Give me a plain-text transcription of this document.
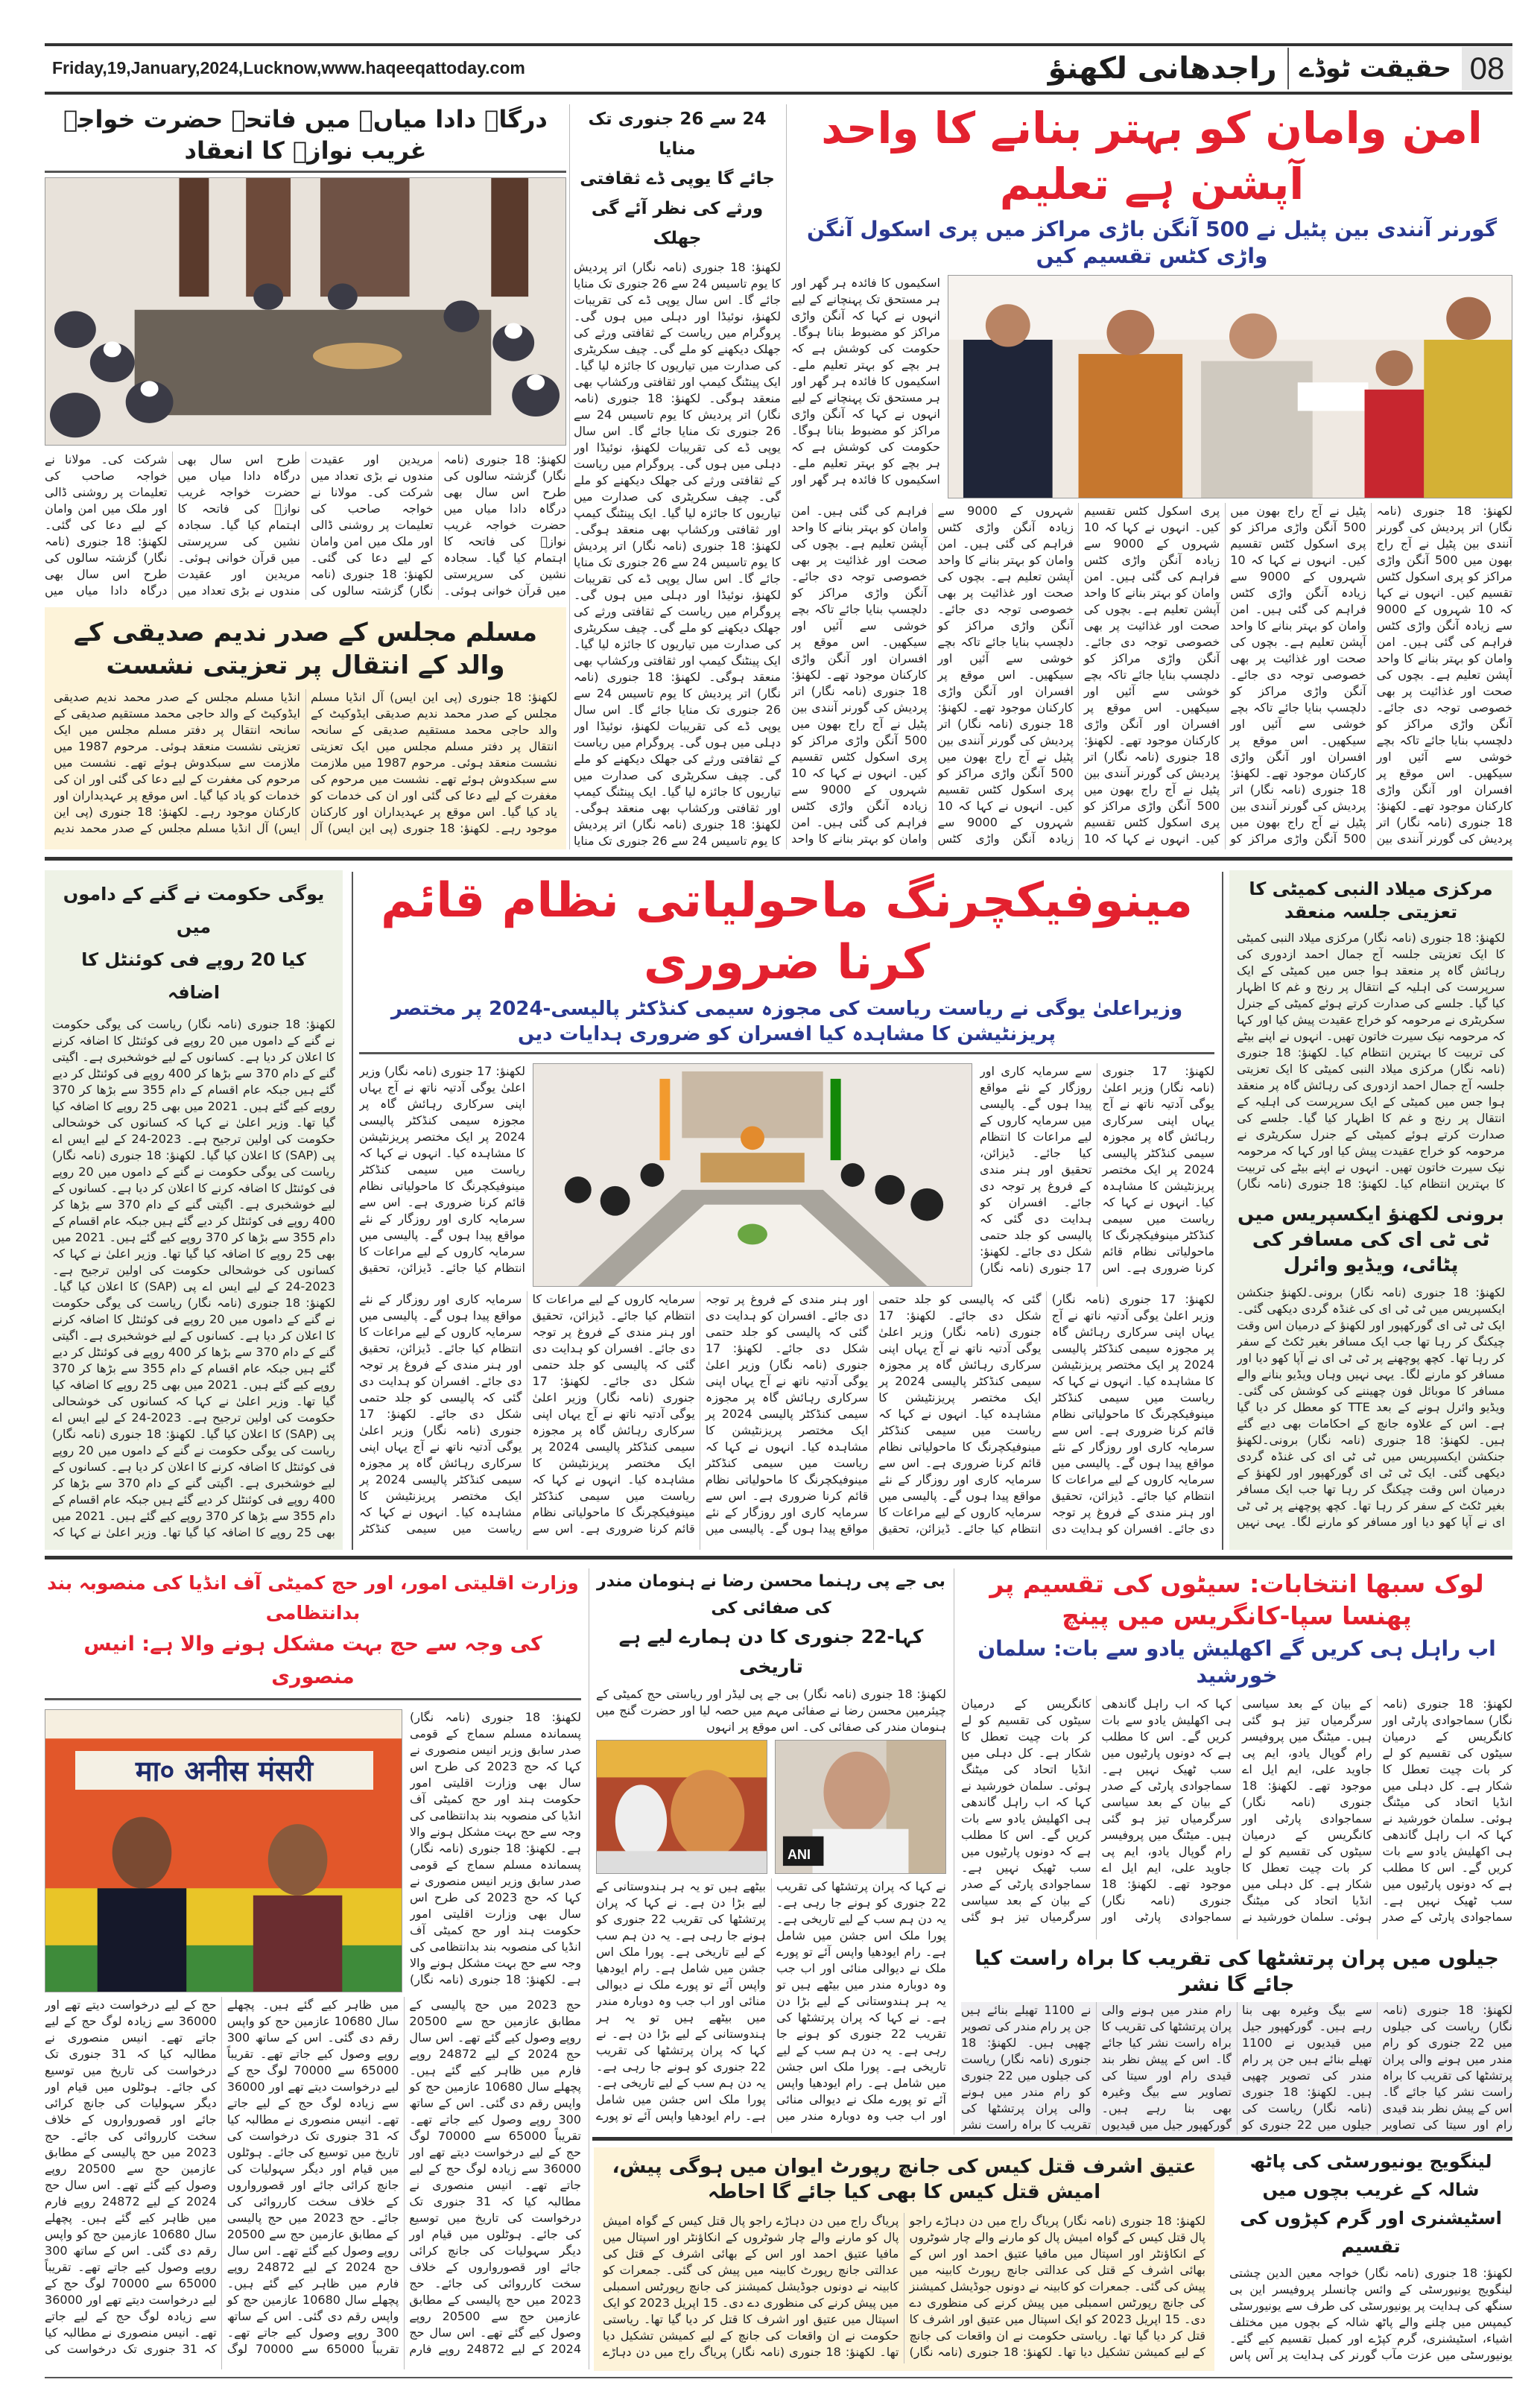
Friday,19,January,2024,Lucknow,www.haqeeqattoday.com	راجدھانی لکھنؤ حقیقت ٹوڈے 08
امن وامان کو بہتر بنانے کا واحد آپشن ہے تعلیم
گورنر آنندی بین پٹیل نے 500 آنگن باڑی مراکز میں پری اسکول آنگن واڑی کٹس تقسیم کیں
اسکیموں کا فائدہ ہر گھر اور ہر مستحق تک پہنچانے کے لیے انہوں نے کہا کہ آنگن واڑی مراکز کو مضبوط بنانا ہوگا۔ حکومت کی کوشش ہے کہ ہر بچے کو بہتر تعلیم ملے۔ اسکیموں کا فائدہ ہر گھر اور ہر مستحق تک پہنچانے کے لیے انہوں نے کہا کہ آنگن واڑی مراکز کو مضبوط بنانا ہوگا۔ حکومت کی کوشش ہے کہ ہر بچے کو بہتر تعلیم ملے۔ اسکیموں کا فائدہ ہر گھر اور
لکھنؤ: 18 جنوری (نامہ نگار) اتر پردیش کی گورنر آنندی بین پٹیل نے آج راج بھون میں 500 آنگن واڑی مراکز کو پری اسکول کٹس تقسیم کیں۔ انہوں نے کہا کہ 10 شہروں کے 9000 سے زیادہ آنگن واڑی کٹس فراہم کی گئی ہیں۔ امن وامان کو بہتر بنانے کا واحد آپشن تعلیم ہے۔ بچوں کی صحت اور غذائیت پر بھی خصوصی توجہ دی جائے۔ آنگن واڑی مراکز کو دلچسپ بنایا جائے تاکہ بچے خوشی سے آئیں اور سیکھیں۔ اس موقع پر افسران اور آنگن واڑی کارکنان موجود تھے۔ لکھنؤ: 18 جنوری (نامہ نگار) اتر پردیش کی گورنر آنندی بین پٹیل نے آج راج بھون میں 500 آنگن واڑی مراکز کو پری اسکول کٹس تقسیم کیں۔ انہوں نے کہا کہ 10 شہروں کے 9000 سے زیادہ آنگن واڑی کٹس فراہم کی گئی ہیں۔ امن وامان کو بہتر بنانے کا واحد آپشن تعلیم ہے۔ بچوں کی صحت اور غذائیت پر بھی خصوصی توجہ دی جائے۔ آنگن واڑی مراکز کو دلچسپ بنایا جائے تاکہ بچے خوشی سے آئیں اور سیکھیں۔ اس موقع پر افسران اور آنگن واڑی کارکنان موجود تھے۔ لکھنؤ: 18 جنوری (نامہ نگار) اتر پردیش کی گورنر آنندی بین پٹیل نے آج راج بھون میں 500 آنگن واڑی مراکز کو پری اسکول کٹس تقسیم کیں۔ انہوں نے کہا کہ 10 شہروں کے 9000 سے زیادہ آنگن واڑی کٹس فراہم کی گئی ہیں۔ امن وامان کو بہتر بنانے کا واحد آپشن تعلیم ہے۔ بچوں کی صحت اور غذائیت پر بھی خصوصی توجہ دی جائے۔ آنگن واڑی مراکز کو دلچسپ بنایا جائے تاکہ بچے خوشی سے آئیں اور سیکھیں۔ اس موقع پر افسران اور آنگن واڑی کارکنان موجود تھے۔ لکھنؤ: 18 جنوری (نامہ نگار) اتر پردیش کی گورنر آنندی بین پٹیل نے آج راج بھون میں 500 آنگن واڑی مراکز کو پری اسکول کٹس تقسیم کیں۔ انہوں نے کہا کہ 10 شہروں کے 9000 سے زیادہ آنگن واڑی کٹس فراہم کی گئی ہیں۔ امن وامان کو بہتر بنانے کا واحد آپشن تعلیم ہے۔ بچوں کی صحت اور غذائیت پر بھی خصوصی توجہ دی جائے۔ آنگن واڑی مراکز کو دلچسپ بنایا جائے تاکہ بچے خوشی سے آئیں اور سیکھیں۔ اس موقع پر افسران اور آنگن واڑی کارکنان موجود تھے۔ لکھنؤ: 18 جنوری (نامہ نگار) اتر پردیش کی گورنر آنندی بین پٹیل نے آج راج بھون میں 500 آنگن واڑی مراکز کو پری اسکول کٹس تقسیم کیں۔ انہوں نے کہا کہ 10 شہروں کے 9000 سے زیادہ آنگن واڑی کٹس فراہم کی گئی ہیں۔ امن وامان کو بہتر بنانے کا واحد آپشن تعلیم ہے۔ بچوں کی صحت اور غذائیت پر بھی خصوصی توجہ دی جائے۔ آنگن واڑی مراکز کو دلچسپ بنایا جائے تاکہ بچے خوشی سے آئیں اور سیکھیں۔ اس موقع پر افسران اور آنگن واڑی کارکنان موجود تھے۔ لکھنؤ: 18 جنوری (نامہ نگار) اتر پردیش کی گورنر آنندی بین پٹیل نے آج راج بھون میں 500 آنگن واڑی مراکز کو پری اسکول کٹس تقسیم کیں۔ انہوں نے کہا کہ 10 شہروں کے 9000 سے زیادہ آنگن واڑی کٹس فراہم کی گئی ہیں۔ امن وامان کو بہتر بنانے کا واحد
24 سے 26 جنوری تک منایا
جائے گا یوپی ڈے ثقافتی
ورثے کی نظر آئے گی جھلک
لکھنؤ: 18 جنوری (نامہ نگار) اتر پردیش کا یوم تاسیس 24 سے 26 جنوری تک منایا جائے گا۔ اس سال یوپی ڈے کی تقریبات لکھنؤ، نوئیڈا اور دہلی میں ہوں گی۔ پروگرام میں ریاست کے ثقافتی ورثے کی جھلک دیکھنے کو ملے گی۔ چیف سکریٹری کی صدارت میں تیاریوں کا جائزہ لیا گیا۔ ایک پینٹنگ کیمپ اور ثقافتی ورکشاپ بھی منعقد ہوگی۔ لکھنؤ: 18 جنوری (نامہ نگار) اتر پردیش کا یوم تاسیس 24 سے 26 جنوری تک منایا جائے گا۔ اس سال یوپی ڈے کی تقریبات لکھنؤ، نوئیڈا اور دہلی میں ہوں گی۔ پروگرام میں ریاست کے ثقافتی ورثے کی جھلک دیکھنے کو ملے گی۔ چیف سکریٹری کی صدارت میں تیاریوں کا جائزہ لیا گیا۔ ایک پینٹنگ کیمپ اور ثقافتی ورکشاپ بھی منعقد ہوگی۔ لکھنؤ: 18 جنوری (نامہ نگار) اتر پردیش کا یوم تاسیس 24 سے 26 جنوری تک منایا جائے گا۔ اس سال یوپی ڈے کی تقریبات لکھنؤ، نوئیڈا اور دہلی میں ہوں گی۔ پروگرام میں ریاست کے ثقافتی ورثے کی جھلک دیکھنے کو ملے گی۔ چیف سکریٹری کی صدارت میں تیاریوں کا جائزہ لیا گیا۔ ایک پینٹنگ کیمپ اور ثقافتی ورکشاپ بھی منعقد ہوگی۔ لکھنؤ: 18 جنوری (نامہ نگار) اتر پردیش کا یوم تاسیس 24 سے 26 جنوری تک منایا جائے گا۔ اس سال یوپی ڈے کی تقریبات لکھنؤ، نوئیڈا اور دہلی میں ہوں گی۔ پروگرام میں ریاست کے ثقافتی ورثے کی جھلک دیکھنے کو ملے گی۔ چیف سکریٹری کی صدارت میں تیاریوں کا جائزہ لیا گیا۔ ایک پینٹنگ کیمپ اور ثقافتی ورکشاپ بھی منعقد ہوگی۔ لکھنؤ: 18 جنوری (نامہ نگار) اتر پردیش کا یوم تاسیس 24 سے 26 جنوری تک منایا
درگاہ دادا میاںؒ میں فاتحہ حضرت خواجہ غریب نوازؒ کا انعقاد
لکھنؤ: 18 جنوری (نامہ نگار) گزشتہ سالوں کی طرح اس سال بھی درگاہ دادا میاں میں حضرت خواجہ غریب نوازؒ کی فاتحہ کا اہتمام کیا گیا۔ سجادہ نشین کی سرپرستی میں قرآن خوانی ہوئی۔ مریدین اور عقیدت مندوں نے بڑی تعداد میں شرکت کی۔ مولانا نے خواجہ صاحب کی تعلیمات پر روشنی ڈالی اور ملک میں امن وامان کے لیے دعا کی گئی۔ لکھنؤ: 18 جنوری (نامہ نگار) گزشتہ سالوں کی طرح اس سال بھی درگاہ دادا میاں میں حضرت خواجہ غریب نوازؒ کی فاتحہ کا اہتمام کیا گیا۔ سجادہ نشین کی سرپرستی میں قرآن خوانی ہوئی۔ مریدین اور عقیدت مندوں نے بڑی تعداد میں شرکت کی۔ مولانا نے خواجہ صاحب کی تعلیمات پر روشنی ڈالی اور ملک میں امن وامان کے لیے دعا کی گئی۔ لکھنؤ: 18 جنوری (نامہ نگار) گزشتہ سالوں کی طرح اس سال بھی درگاہ دادا میاں میں
مسلم مجلس کے صدر ندیم صدیقی کے والد کے انتقال پر تعزیتی نشست
لکھنؤ: 18 جنوری (پی این ایس) آل انڈیا مسلم مجلس کے صدر محمد ندیم صدیقی ایڈوکیٹ کے والد حاجی محمد مستقیم صدیقی کے سانحہ انتقال پر دفتر مسلم مجلس میں ایک تعزیتی نشست منعقد ہوئی۔ مرحوم 1987 میں ملازمت سے سبکدوش ہوئے تھے۔ نشست میں مرحوم کی مغفرت کے لیے دعا کی گئی اور ان کی خدمات کو یاد کیا گیا۔ اس موقع پر عہدیداران اور کارکنان موجود رہے۔ لکھنؤ: 18 جنوری (پی این ایس) آل انڈیا مسلم مجلس کے صدر محمد ندیم صدیقی ایڈوکیٹ کے والد حاجی محمد مستقیم صدیقی کے سانحہ انتقال پر دفتر مسلم مجلس میں ایک تعزیتی نشست منعقد ہوئی۔ مرحوم 1987 میں ملازمت سے سبکدوش ہوئے تھے۔ نشست میں مرحوم کی مغفرت کے لیے دعا کی گئی اور ان کی خدمات کو یاد کیا گیا۔ اس موقع پر عہدیداران اور کارکنان موجود رہے۔ لکھنؤ: 18 جنوری (پی این ایس) آل انڈیا مسلم مجلس کے صدر محمد ندیم
یوگی حکومت نے گنے کے داموں میں
کیا 20 روپے فی کوئنٹل کا اضافہ
لکھنؤ: 18 جنوری (نامہ نگار) ریاست کی یوگی حکومت نے گنے کے داموں میں 20 روپے فی کوئنٹل کا اضافہ کرنے کا اعلان کر دیا ہے۔ کسانوں کے لیے خوشخبری ہے۔ اگیتی گنے کے دام 370 سے بڑھا کر 400 روپے فی کوئنٹل کر دیے گئے ہیں جبکہ عام اقسام کے دام 355 سے بڑھا کر 370 روپے کیے گئے ہیں۔ 2021 میں بھی 25 روپے کا اضافہ کیا گیا تھا۔ وزیر اعلیٰ نے کہا کہ کسانوں کی خوشحالی حکومت کی اولین ترجیح ہے۔ 2023-24 کے لیے ایس اے پی (SAP) کا اعلان کیا گیا۔ لکھنؤ: 18 جنوری (نامہ نگار) ریاست کی یوگی حکومت نے گنے کے داموں میں 20 روپے فی کوئنٹل کا اضافہ کرنے کا اعلان کر دیا ہے۔ کسانوں کے لیے خوشخبری ہے۔ اگیتی گنے کے دام 370 سے بڑھا کر 400 روپے فی کوئنٹل کر دیے گئے ہیں جبکہ عام اقسام کے دام 355 سے بڑھا کر 370 روپے کیے گئے ہیں۔ 2021 میں بھی 25 روپے کا اضافہ کیا گیا تھا۔ وزیر اعلیٰ نے کہا کہ کسانوں کی خوشحالی حکومت کی اولین ترجیح ہے۔ 2023-24 کے لیے ایس اے پی (SAP) کا اعلان کیا گیا۔ لکھنؤ: 18 جنوری (نامہ نگار) ریاست کی یوگی حکومت نے گنے کے داموں میں 20 روپے فی کوئنٹل کا اضافہ کرنے کا اعلان کر دیا ہے۔ کسانوں کے لیے خوشخبری ہے۔ اگیتی گنے کے دام 370 سے بڑھا کر 400 روپے فی کوئنٹل کر دیے گئے ہیں جبکہ عام اقسام کے دام 355 سے بڑھا کر 370 روپے کیے گئے ہیں۔ 2021 میں بھی 25 روپے کا اضافہ کیا گیا تھا۔ وزیر اعلیٰ نے کہا کہ کسانوں کی خوشحالی حکومت کی اولین ترجیح ہے۔ 2023-24 کے لیے ایس اے پی (SAP) کا اعلان کیا گیا۔ لکھنؤ: 18 جنوری (نامہ نگار) ریاست کی یوگی حکومت نے گنے کے داموں میں 20 روپے فی کوئنٹل کا اضافہ کرنے کا اعلان کر دیا ہے۔ کسانوں کے لیے خوشخبری ہے۔ اگیتی گنے کے دام 370 سے بڑھا کر 400 روپے فی کوئنٹل کر دیے گئے ہیں جبکہ عام اقسام کے دام 355 سے بڑھا کر 370 روپے کیے گئے ہیں۔ 2021 میں بھی 25 روپے کا اضافہ کیا گیا تھا۔ وزیر اعلیٰ نے کہا کہ
مینوفیکچرنگ ماحولیاتی نظام قائم کرنا ضروری
وزیراعلیٰ یوگی نے ریاست ریاست کی مجوزہ سیمی کنڈکٹر پالیسی-2024 پر مختصر پریزنٹیشن کا مشاہدہ کیا افسران کو ضروری ہدایات دیں
لکھنؤ: 17 جنوری (نامہ نگار) وزیر اعلیٰ یوگی آدتیہ ناتھ نے آج یہاں اپنی سرکاری رہائش گاہ پر مجوزہ سیمی کنڈکٹر پالیسی 2024 پر ایک مختصر پریزنٹیشن کا مشاہدہ کیا۔ انہوں نے کہا کہ ریاست میں سیمی کنڈکٹر مینوفیکچرنگ کا ماحولیاتی نظام قائم کرنا ضروری ہے۔ اس سے سرمایہ کاری اور روزگار کے نئے مواقع پیدا ہوں گے۔ پالیسی میں سرمایہ کاروں کے لیے مراعات کا انتظام کیا جائے۔ ڈیزائن، تحقیق اور ہنر مندی کے فروغ پر توجہ دی جائے۔ افسران کو ہدایت دی گئی کہ پالیسی کو جلد حتمی شکل دی جائے۔ لکھنؤ: 17 جنوری (نامہ نگار)
لکھنؤ: 17 جنوری (نامہ نگار) وزیر اعلیٰ یوگی آدتیہ ناتھ نے آج یہاں اپنی سرکاری رہائش گاہ پر مجوزہ سیمی کنڈکٹر پالیسی 2024 پر ایک مختصر پریزنٹیشن کا مشاہدہ کیا۔ انہوں نے کہا کہ ریاست میں سیمی کنڈکٹر مینوفیکچرنگ کا ماحولیاتی نظام قائم کرنا ضروری ہے۔ اس سے سرمایہ کاری اور روزگار کے نئے مواقع پیدا ہوں گے۔ پالیسی میں سرمایہ کاروں کے لیے مراعات کا انتظام کیا جائے۔ ڈیزائن، تحقیق
لکھنؤ: 17 جنوری (نامہ نگار) وزیر اعلیٰ یوگی آدتیہ ناتھ نے آج یہاں اپنی سرکاری رہائش گاہ پر مجوزہ سیمی کنڈکٹر پالیسی 2024 پر ایک مختصر پریزنٹیشن کا مشاہدہ کیا۔ انہوں نے کہا کہ ریاست میں سیمی کنڈکٹر مینوفیکچرنگ کا ماحولیاتی نظام قائم کرنا ضروری ہے۔ اس سے سرمایہ کاری اور روزگار کے نئے مواقع پیدا ہوں گے۔ پالیسی میں سرمایہ کاروں کے لیے مراعات کا انتظام کیا جائے۔ ڈیزائن، تحقیق اور ہنر مندی کے فروغ پر توجہ دی جائے۔ افسران کو ہدایت دی گئی کہ پالیسی کو جلد حتمی شکل دی جائے۔ لکھنؤ: 17 جنوری (نامہ نگار) وزیر اعلیٰ یوگی آدتیہ ناتھ نے آج یہاں اپنی سرکاری رہائش گاہ پر مجوزہ سیمی کنڈکٹر پالیسی 2024 پر ایک مختصر پریزنٹیشن کا مشاہدہ کیا۔ انہوں نے کہا کہ ریاست میں سیمی کنڈکٹر مینوفیکچرنگ کا ماحولیاتی نظام قائم کرنا ضروری ہے۔ اس سے سرمایہ کاری اور روزگار کے نئے مواقع پیدا ہوں گے۔ پالیسی میں سرمایہ کاروں کے لیے مراعات کا انتظام کیا جائے۔ ڈیزائن، تحقیق اور ہنر مندی کے فروغ پر توجہ دی جائے۔ افسران کو ہدایت دی گئی کہ پالیسی کو جلد حتمی شکل دی جائے۔ لکھنؤ: 17 جنوری (نامہ نگار) وزیر اعلیٰ یوگی آدتیہ ناتھ نے آج یہاں اپنی سرکاری رہائش گاہ پر مجوزہ سیمی کنڈکٹر پالیسی 2024 پر ایک مختصر پریزنٹیشن کا مشاہدہ کیا۔ انہوں نے کہا کہ ریاست میں سیمی کنڈکٹر مینوفیکچرنگ کا ماحولیاتی نظام قائم کرنا ضروری ہے۔ اس سے سرمایہ کاری اور روزگار کے نئے مواقع پیدا ہوں گے۔ پالیسی میں سرمایہ کاروں کے لیے مراعات کا انتظام کیا جائے۔ ڈیزائن، تحقیق اور ہنر مندی کے فروغ پر توجہ دی جائے۔ افسران کو ہدایت دی گئی کہ پالیسی کو جلد حتمی شکل دی جائے۔ لکھنؤ: 17 جنوری (نامہ نگار) وزیر اعلیٰ یوگی آدتیہ ناتھ نے آج یہاں اپنی سرکاری رہائش گاہ پر مجوزہ سیمی کنڈکٹر پالیسی 2024 پر ایک مختصر پریزنٹیشن کا مشاہدہ کیا۔ انہوں نے کہا کہ ریاست میں سیمی کنڈکٹر مینوفیکچرنگ کا ماحولیاتی نظام قائم کرنا ضروری ہے۔ اس سے سرمایہ کاری اور روزگار کے نئے مواقع پیدا ہوں گے۔ پالیسی میں سرمایہ کاروں کے لیے مراعات کا انتظام کیا جائے۔ ڈیزائن، تحقیق اور ہنر مندی کے فروغ پر توجہ دی جائے۔ افسران کو ہدایت دی گئی کہ پالیسی کو جلد حتمی شکل دی جائے۔ لکھنؤ: 17 جنوری (نامہ نگار) وزیر اعلیٰ یوگی آدتیہ ناتھ نے آج یہاں اپنی سرکاری رہائش گاہ پر مجوزہ سیمی کنڈکٹر پالیسی 2024 پر ایک مختصر پریزنٹیشن کا مشاہدہ کیا۔ انہوں نے کہا کہ ریاست میں سیمی کنڈکٹر
مرکزی میلاد النبی کمیٹی کا تعزیتی جلسہ منعقد
لکھنؤ: 18 جنوری (نامہ نگار) مرکزی میلاد النبی کمیٹی کا ایک تعزیتی جلسہ آج جمال احمد ازدوری کی رہائش گاہ پر منعقد ہوا جس میں کمیٹی کے ایک سرپرست کی اہلیہ کے انتقال پر رنج و غم کا اظہار کیا گیا۔ جلسے کی صدارت کرتے ہوئے کمیٹی کے جنرل سکریٹری نے مرحومہ کو خراج عقیدت پیش کیا اور کہا کہ مرحومہ نیک سیرت خاتون تھیں۔ انہوں نے اپنے بیٹے کی تربیت کا بہترین انتظام کیا۔ لکھنؤ: 18 جنوری (نامہ نگار) مرکزی میلاد النبی کمیٹی کا ایک تعزیتی جلسہ آج جمال احمد ازدوری کی رہائش گاہ پر منعقد ہوا جس میں کمیٹی کے ایک سرپرست کی اہلیہ کے انتقال پر رنج و غم کا اظہار کیا گیا۔ جلسے کی صدارت کرتے ہوئے کمیٹی کے جنرل سکریٹری نے مرحومہ کو خراج عقیدت پیش کیا اور کہا کہ مرحومہ نیک سیرت خاتون تھیں۔ انہوں نے اپنے بیٹے کی تربیت کا بہترین انتظام کیا۔ لکھنؤ: 18 جنوری (نامہ نگار)
برونی لکھنؤ ایکسپریس میں ٹی ٹی ای کی مسافر کی پٹائی، ویڈیو وائرل
لکھنؤ: 18 جنوری (نامہ نگار) برونی۔لکھنؤ جنکشن ایکسپریس میں ٹی ٹی ای کی غنڈہ گردی دیکھی گئی۔ ایک ٹی ٹی ای گورکھپور اور لکھنؤ کے درمیان اس وقت چیکنگ کر رہا تھا جب ایک مسافر بغیر ٹکٹ کے سفر کر رہا تھا۔ کچھ پوچھنے پر ٹی ٹی ای نے آپا کھو دیا اور مسافر کو مارنے لگا۔ یہی نہیں وہاں ویڈیو بنانے والے مسافر کا موبائل فون چھیننے کی کوشش کی گئی۔ ویڈیو وائرل ہونے کے بعد TTE کو معطل کر دیا گیا ہے۔ اس کے علاوہ جانچ کے احکامات بھی دیے گئے ہیں۔ لکھنؤ: 18 جنوری (نامہ نگار) برونی۔لکھنؤ جنکشن ایکسپریس میں ٹی ٹی ای کی غنڈہ گردی دیکھی گئی۔ ایک ٹی ٹی ای گورکھپور اور لکھنؤ کے درمیان اس وقت چیکنگ کر رہا تھا جب ایک مسافر بغیر ٹکٹ کے سفر کر رہا تھا۔ کچھ پوچھنے پر ٹی ٹی ای نے آپا کھو دیا اور مسافر کو مارنے لگا۔ یہی نہیں
لوک سبھا انتخابات: سیٹوں کی تقسیم پر پھنسا سپا-کانگریس میں پینچ
اب راہل ہی کریں گے اکھلیش یادو سے بات: سلمان خورشید
لکھنؤ: 18 جنوری (نامہ نگار) سماجوادی پارٹی اور کانگریس کے درمیان سیٹوں کی تقسیم کو لے کر بات چیت تعطل کا شکار ہے۔ کل دہلی میں انڈیا اتحاد کی میٹنگ ہوئی۔ سلمان خورشید نے کہا کہ اب راہل گاندھی ہی اکھلیش یادو سے بات کریں گے۔ اس کا مطلب ہے کہ دونوں پارٹیوں میں سب ٹھیک نہیں ہے۔ سماجوادی پارٹی کے صدر کے بیان کے بعد سیاسی سرگرمیاں تیز ہو گئی ہیں۔ میٹنگ میں پروفیسر رام گوپال یادو، ایم پی جاوید علی، ایم ایل اے موجود تھے۔ لکھنؤ: 18 جنوری (نامہ نگار) سماجوادی پارٹی اور کانگریس کے درمیان سیٹوں کی تقسیم کو لے کر بات چیت تعطل کا شکار ہے۔ کل دہلی میں انڈیا اتحاد کی میٹنگ ہوئی۔ سلمان خورشید نے کہا کہ اب راہل گاندھی ہی اکھلیش یادو سے بات کریں گے۔ اس کا مطلب ہے کہ دونوں پارٹیوں میں سب ٹھیک نہیں ہے۔ سماجوادی پارٹی کے صدر کے بیان کے بعد سیاسی سرگرمیاں تیز ہو گئی ہیں۔ میٹنگ میں پروفیسر رام گوپال یادو، ایم پی جاوید علی، ایم ایل اے موجود تھے۔ لکھنؤ: 18 جنوری (نامہ نگار) سماجوادی پارٹی اور کانگریس کے درمیان سیٹوں کی تقسیم کو لے کر بات چیت تعطل کا شکار ہے۔ کل دہلی میں انڈیا اتحاد کی میٹنگ ہوئی۔ سلمان خورشید نے کہا کہ اب راہل گاندھی ہی اکھلیش یادو سے بات کریں گے۔ اس کا مطلب ہے کہ دونوں پارٹیوں میں سب ٹھیک نہیں ہے۔ سماجوادی پارٹی کے صدر کے بیان کے بعد سیاسی سرگرمیاں تیز ہو گئی
جیلوں میں پران پرتشٹھا کی تقریب کا براہ راست کیا جائے گا نشر
لکھنؤ: 18 جنوری (نامہ نگار) ریاست کی جیلوں میں 22 جنوری کو رام مندر میں ہونے والی پران پرتشٹھا کی تقریب کا براہ راست نشر کیا جائے گا۔ اس کے پیش نظر بند قیدی رام اور سیتا کی تصاویر سے بیگ وغیرہ بھی بنا رہے ہیں۔ گورکھپور جیل میں قیدیوں نے 1100 تھیلے بنائے ہیں جن پر رام مندر کی تصویر چھپی ہیں۔ لکھنؤ: 18 جنوری (نامہ نگار) ریاست کی جیلوں میں 22 جنوری کو رام مندر میں ہونے والی پران پرتشٹھا کی تقریب کا براہ راست نشر کیا جائے گا۔ اس کے پیش نظر بند قیدی رام اور سیتا کی تصاویر سے بیگ وغیرہ بھی بنا رہے ہیں۔ گورکھپور جیل میں قیدیوں نے 1100 تھیلے بنائے ہیں جن پر رام مندر کی تصویر چھپی ہیں۔ لکھنؤ: 18 جنوری (نامہ نگار) ریاست کی جیلوں میں 22 جنوری کو رام مندر میں ہونے والی پران پرتشٹھا کی تقریب کا براہ راست نشر
بی جے پی رہنما محسن رضا نے ہنومان مندر کی صفائی کی
کہا-22 جنوری کا دن ہمارے لیے ہے تاریخی
لکھنؤ: 18 جنوری (نامہ نگار) بی جے پی لیڈر اور ریاستی حج کمیٹی کے چیئرمین محسن رضا نے صفائی مہم میں حصہ لیا اور حضرت گنج میں ہنومان مندر کی صفائی کی۔ اس موقع پر انہوں
ANI
نے کہا کہ پران پرتشٹھا کی تقریب 22 جنوری کو ہونے جا رہی ہے۔ یہ دن ہم سب کے لیے تاریخی ہے۔ پورا ملک اس جشن میں شامل ہے۔ رام ایودھیا واپس آئے تو پورے ملک نے دیوالی منائی اور اب جب وہ دوبارہ مندر میں بیٹھے ہیں تو یہ ہر ہندوستانی کے لیے بڑا دن ہے۔ نے کہا کہ پران پرتشٹھا کی تقریب 22 جنوری کو ہونے جا رہی ہے۔ یہ دن ہم سب کے لیے تاریخی ہے۔ پورا ملک اس جشن میں شامل ہے۔ رام ایودھیا واپس آئے تو پورے ملک نے دیوالی منائی اور اب جب وہ دوبارہ مندر میں بیٹھے ہیں تو یہ ہر ہندوستانی کے لیے بڑا دن ہے۔ نے کہا کہ پران پرتشٹھا کی تقریب 22 جنوری کو ہونے جا رہی ہے۔ یہ دن ہم سب کے لیے تاریخی ہے۔ پورا ملک اس جشن میں شامل ہے۔ رام ایودھیا واپس آئے تو پورے ملک نے دیوالی منائی اور اب جب وہ دوبارہ مندر میں بیٹھے ہیں تو یہ ہر ہندوستانی کے لیے بڑا دن ہے۔ نے کہا کہ پران پرتشٹھا کی تقریب 22 جنوری کو ہونے جا رہی ہے۔ یہ دن ہم سب کے لیے تاریخی ہے۔ پورا ملک اس جشن میں شامل ہے۔ رام ایودھیا واپس آئے تو پورے
وزارت اقلیتی امور، اور حج کمیٹی آف انڈیا کی منصوبہ بند بدانتظامی
کی وجہ سے حج بہت مشکل ہونے والا ہے: انیس منصوری
मा० अनीस मंसरी
لکھنؤ: 18 جنوری (نامہ نگار) پسماندہ مسلم سماج کے قومی صدر سابق وزیر انیس منصوری نے کہا کہ حج 2023 کی طرح اس سال بھی وزارت اقلیتی امور حکومت ہند اور حج کمیٹی آف انڈیا کی منصوبہ بند بدانتظامی کی وجہ سے حج بہت مشکل ہونے والا ہے۔ لکھنؤ: 18 جنوری (نامہ نگار) پسماندہ مسلم سماج کے قومی صدر سابق وزیر انیس منصوری نے کہا کہ حج 2023 کی طرح اس سال بھی وزارت اقلیتی امور حکومت ہند اور حج کمیٹی آف انڈیا کی منصوبہ بند بدانتظامی کی وجہ سے حج بہت مشکل ہونے والا ہے۔ لکھنؤ: 18 جنوری (نامہ نگار)
حج 2023 میں حج پالیسی کے مطابق عازمین حج سے 20500 روپے وصول کیے گئے تھے۔ اس سال حج 2024 کے لیے 24872 روپے فارم میں ظاہر کیے گئے ہیں۔ پچھلے سال 10680 عازمین حج کو واپس رقم دی گئی۔ اس کے ساتھ 300 روپے وصول کیے جاتے تھے۔ تقریباً 65000 سے 70000 لوگ حج کے لیے درخواست دیتے تھے اور 36000 سے زیادہ لوگ حج کے لیے جاتے تھے۔ انیس منصوری نے مطالبہ کیا کہ 31 جنوری تک درخواست کی تاریخ میں توسیع کی جائے۔ ہوٹلوں میں قیام اور دیگر سہولیات کی جانچ کرائی جائے اور قصورواروں کے خلاف سخت کارروائی کی جائے۔ حج 2023 میں حج پالیسی کے مطابق عازمین حج سے 20500 روپے وصول کیے گئے تھے۔ اس سال حج 2024 کے لیے 24872 روپے فارم میں ظاہر کیے گئے ہیں۔ پچھلے سال 10680 عازمین حج کو واپس رقم دی گئی۔ اس کے ساتھ 300 روپے وصول کیے جاتے تھے۔ تقریباً 65000 سے 70000 لوگ حج کے لیے درخواست دیتے تھے اور 36000 سے زیادہ لوگ حج کے لیے جاتے تھے۔ انیس منصوری نے مطالبہ کیا کہ 31 جنوری تک درخواست کی تاریخ میں توسیع کی جائے۔ ہوٹلوں میں قیام اور دیگر سہولیات کی جانچ کرائی جائے اور قصورواروں کے خلاف سخت کارروائی کی جائے۔ حج 2023 میں حج پالیسی کے مطابق عازمین حج سے 20500 روپے وصول کیے گئے تھے۔ اس سال حج 2024 کے لیے 24872 روپے فارم میں ظاہر کیے گئے ہیں۔ پچھلے سال 10680 عازمین حج کو واپس رقم دی گئی۔ اس کے ساتھ 300 روپے وصول کیے جاتے تھے۔ تقریباً 65000 سے 70000 لوگ حج کے لیے درخواست دیتے تھے اور 36000 سے زیادہ لوگ حج کے لیے جاتے تھے۔ انیس منصوری نے مطالبہ کیا کہ 31 جنوری تک درخواست کی تاریخ میں توسیع کی جائے۔ ہوٹلوں میں قیام اور دیگر سہولیات کی جانچ کرائی جائے اور قصورواروں کے خلاف سخت کارروائی کی جائے۔ حج 2023 میں حج پالیسی کے مطابق عازمین حج سے 20500 روپے وصول کیے گئے تھے۔ اس سال حج 2024 کے لیے 24872 روپے فارم میں ظاہر کیے گئے ہیں۔ پچھلے سال 10680 عازمین حج کو واپس رقم دی گئی۔ اس کے ساتھ 300 روپے وصول کیے جاتے تھے۔ تقریباً 65000 سے 70000 لوگ حج کے لیے درخواست دیتے تھے اور 36000 سے زیادہ لوگ حج کے لیے جاتے تھے۔ انیس منصوری نے مطالبہ کیا کہ 31 جنوری تک درخواست کی
عتیق اشرف قتل کیس کی جانچ رپورٹ ایوان میں ہوگی پیش، امیش قتل کیس کا بھی کیا جائے گا احاطہ
لکھنؤ: 18 جنوری (نامہ نگار) پریاگ راج میں دن دہاڑے راجو پال قتل کیس کے گواہ امیش پال کو مارنے والے چار شوٹروں کے انکاؤنٹر اور اسپتال میں مافیا عتیق احمد اور اس کے بھائی اشرف کے قتل کی عدالتی جانچ رپورٹ کابینہ میں پیش کی گئی۔ جمعرات کو کابینہ نے دونوں جوڈیشل کمیشنز کی جانچ رپورٹس اسمبلی میں پیش کرنے کی منظوری دے دی۔ 15 اپریل 2023 کو ایک اسپتال میں عتیق اور اشرف کا قتل کر دیا گیا تھا۔ ریاستی حکومت نے ان واقعات کی جانچ کے لیے کمیشن تشکیل دیا تھا۔ لکھنؤ: 18 جنوری (نامہ نگار) پریاگ راج میں دن دہاڑے راجو پال قتل کیس کے گواہ امیش پال کو مارنے والے چار شوٹروں کے انکاؤنٹر اور اسپتال میں مافیا عتیق احمد اور اس کے بھائی اشرف کے قتل کی عدالتی جانچ رپورٹ کابینہ میں پیش کی گئی۔ جمعرات کو کابینہ نے دونوں جوڈیشل کمیشنز کی جانچ رپورٹس اسمبلی میں پیش کرنے کی منظوری دے دی۔ 15 اپریل 2023 کو ایک اسپتال میں عتیق اور اشرف کا قتل کر دیا گیا تھا۔ ریاستی حکومت نے ان واقعات کی جانچ کے لیے کمیشن تشکیل دیا تھا۔ لکھنؤ: 18 جنوری (نامہ نگار) پریاگ راج میں دن دہاڑے
لینگویج یونیورسٹی کی پاٹھ شالہ کے غریب بچوں میں اسٹیشنری اور گرم کپڑوں کی تقسیم
لکھنؤ: 18 جنوری (نامہ نگار) خواجہ معین الدین چشتی لینگویج یونیورسٹی کے وائس چانسلر پروفیسر این بی سنگھ کی ہدایت پر یونیورسٹی کی طرف سے یونیورسٹی کیمپس میں چلنے والے پاٹھ شالہ کے بچوں میں مختلف اشیاء، اسٹیشنری، گرم کپڑے اور کمبل تقسیم کیے گئے۔ یونیورسٹی میں عزت مآب گورنر کی ہدایت پر آس پاس
